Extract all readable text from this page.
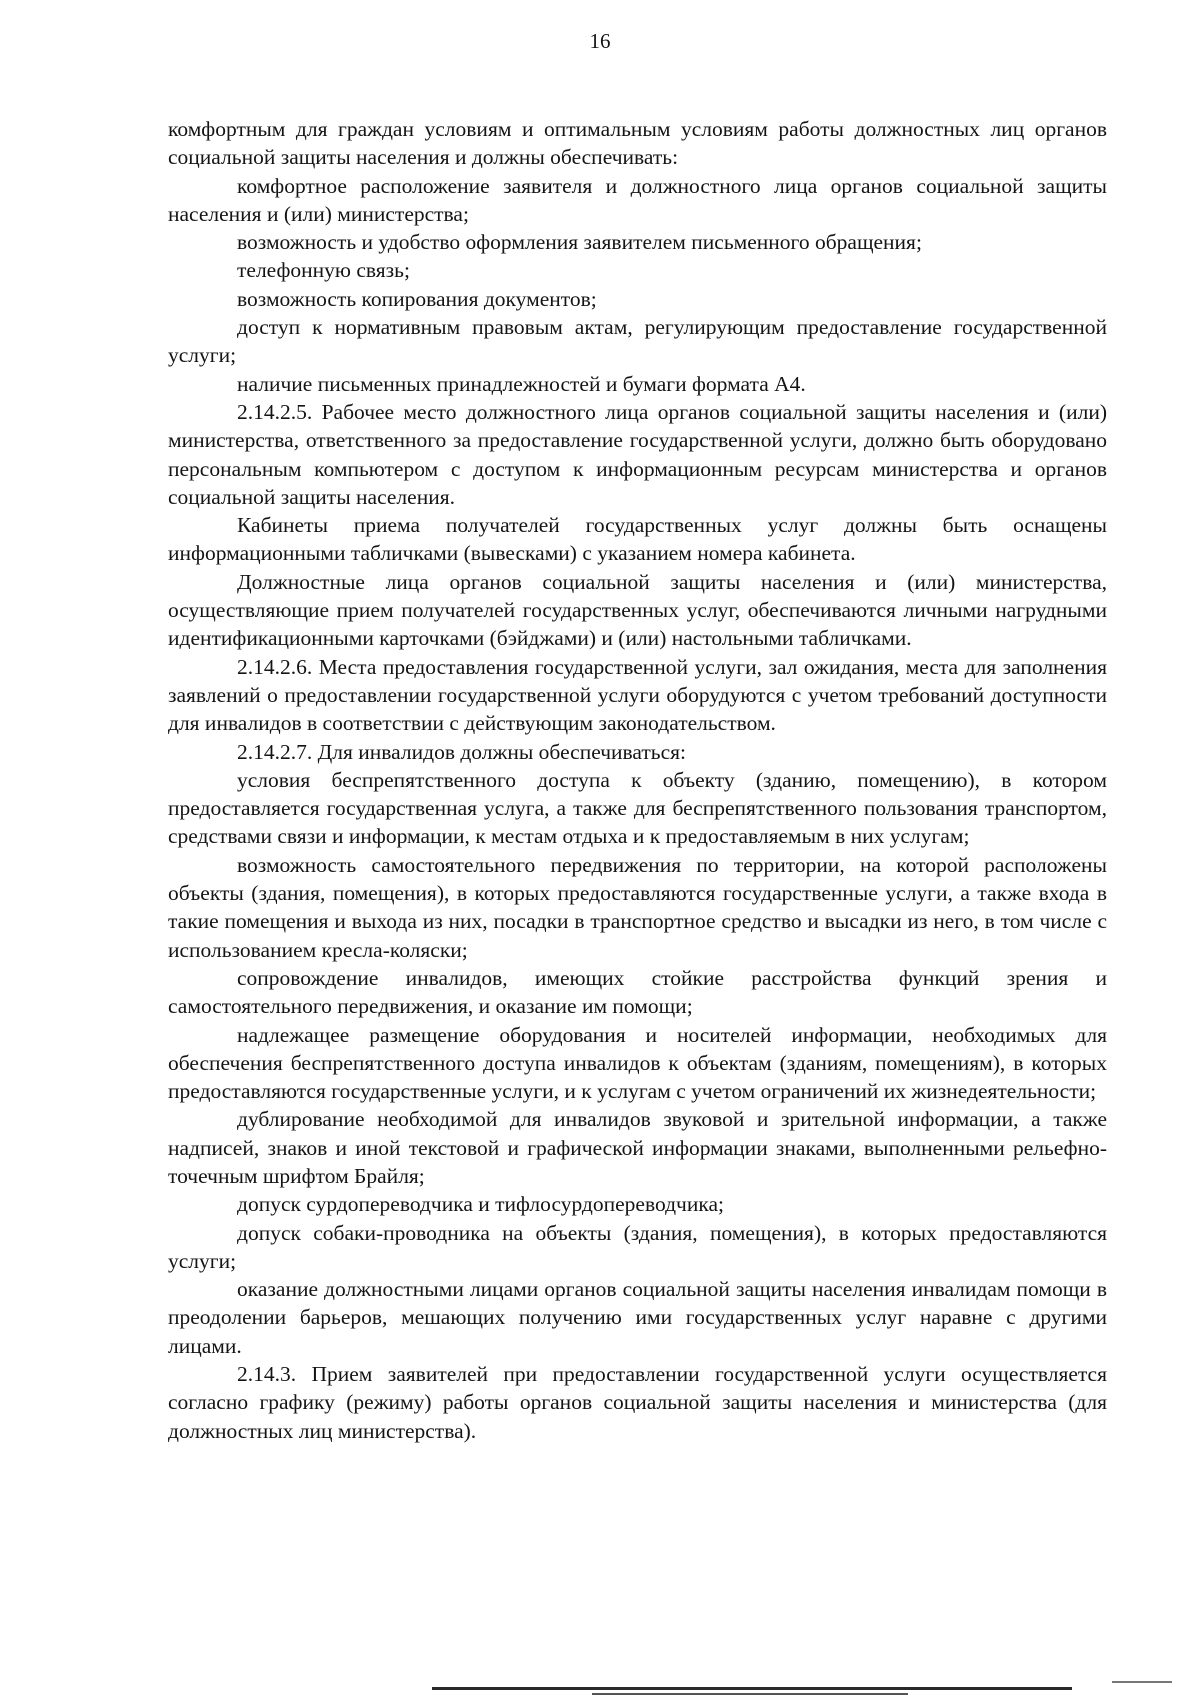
16

комфортным для граждан условиям и оптимальным условиям работы должностных лиц органов социальной защиты населения и должны обеспечивать:

комфортное расположение заявителя и должностного лица органов социальной защиты населения и (или) министерства;

возможность и удобство оформления заявителем письменного обращения;

телефонную связь;

возможность копирования документов;

доступ к нормативным правовым актам, регулирующим предоставление государственной услуги;

наличие письменных принадлежностей и бумаги формата А4.

2.14.2.5. Рабочее место должностного лица органов социальной защиты населения и (или) министерства, ответственного за предоставление государственной услуги, должно быть оборудовано персональным компьютером с доступом к информационным ресурсам министерства и органов социальной защиты населения.

Кабинеты приема получателей государственных услуг должны быть оснащены информационными табличками (вывесками) с указанием номера кабинета.

Должностные лица органов социальной защиты населения и (или) министерства, осуществляющие прием получателей государственных услуг, обеспечиваются личными нагрудными идентификационными карточками (бэйджами) и (или) настольными табличками.

2.14.2.6. Места предоставления государственной услуги, зал ожидания, места для заполнения заявлений о предоставлении государственной услуги оборудуются с учетом требований доступности для инвалидов в соответствии с действующим законодательством.

2.14.2.7. Для инвалидов должны обеспечиваться:

условия беспрепятственного доступа к объекту (зданию, помещению), в котором предоставляется государственная услуга, а также для беспрепятственного пользования транспортом, средствами связи и информации, к местам отдыха и к предоставляемым в них услугам;

возможность самостоятельного передвижения по территории, на которой расположены объекты (здания, помещения), в которых предоставляются государственные услуги, а также входа в такие помещения и выхода из них, посадки в транспортное средство и высадки из него, в том числе с использованием кресла-коляски;

сопровождение инвалидов, имеющих стойкие расстройства функций зрения и самостоятельного передвижения, и оказание им помощи;

надлежащее размещение оборудования и носителей информации, необходимых для обеспечения беспрепятственного доступа инвалидов к объектам (зданиям, помещениям), в которых предоставляются государственные услуги, и к услугам с учетом ограничений их жизнедеятельности;

дублирование необходимой для инвалидов звуковой и зрительной информации, а также надписей, знаков и иной текстовой и графической информации знаками, выполненными рельефно-точечным шрифтом Брайля;

допуск сурдопереводчика и тифлосурдопереводчика;

допуск собаки-проводника на объекты (здания, помещения), в которых предоставляются услуги;

оказание должностными лицами органов социальной защиты населения инвалидам помощи в преодолении барьеров, мешающих получению ими государственных услуг наравне с другими лицами.

2.14.3. Прием заявителей при предоставлении государственной услуги осуществляется согласно графику (режиму) работы органов социальной защиты населения и министерства (для должностных лиц министерства).
